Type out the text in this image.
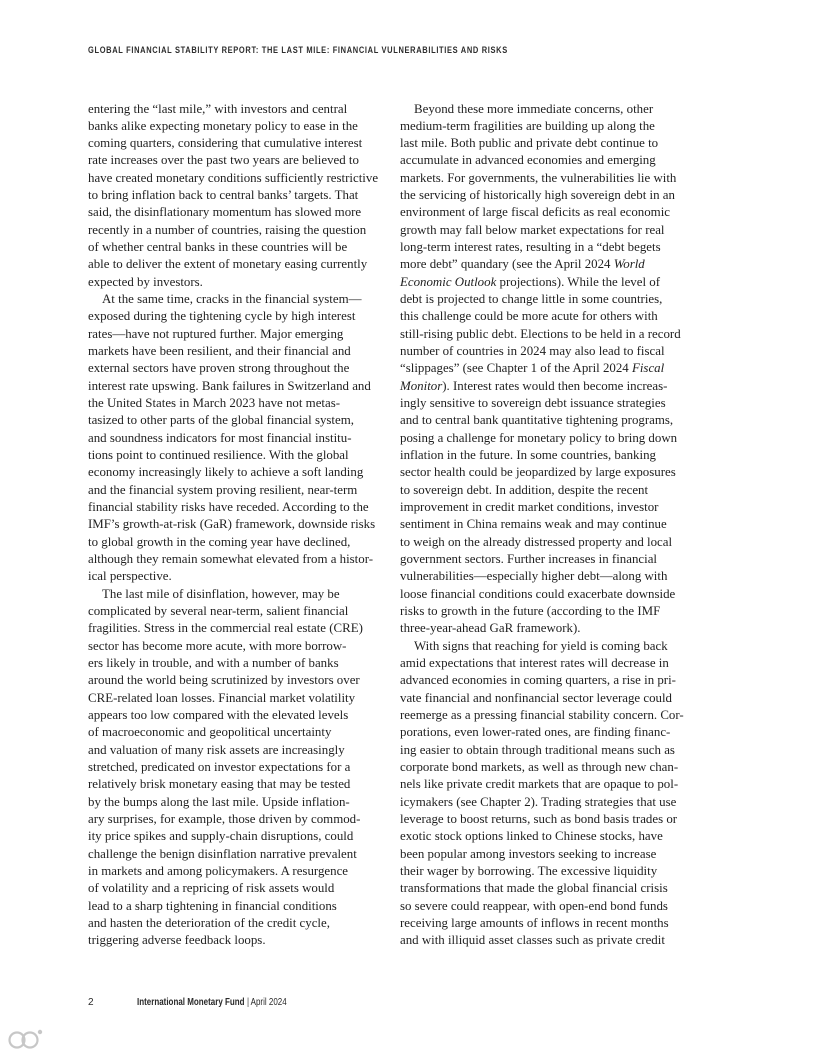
GLOBAL FINANCIAL STABILITY REPORT: THE LAST MILE: FINANCIAL VULNERABILITIES AND RISKS
entering the “last mile,” with investors and central
banks alike expecting monetary policy to ease in the
coming quarters, considering that cumulative interest
rate increases over the past two years are believed to
have created monetary conditions sufficiently restrictive
to bring inflation back to central banks’ targets. That
said, the disinflationary momentum has slowed more
recently in a number of countries, raising the question
of whether central banks in these countries will be
able to deliver the extent of monetary easing currently
expected by investors.
At the same time, cracks in the financial system—
exposed during the tightening cycle by high interest
rates—have not ruptured further. Major emerging
markets have been resilient, and their financial and
external sectors have proven strong throughout the
interest rate upswing. Bank failures in Switzerland and
the United States in March 2023 have not metas-
tasized to other parts of the global financial system,
and soundness indicators for most financial institu-
tions point to continued resilience. With the global
economy increasingly likely to achieve a soft landing
and the financial system proving resilient, near-term
financial stability risks have receded. According to the
IMF’s growth-at-risk (GaR) framework, downside risks
to global growth in the coming year have declined,
although they remain somewhat elevated from a histor-
ical perspective.
The last mile of disinflation, however, may be
complicated by several near-term, salient financial
fragilities. Stress in the commercial real estate (CRE)
sector has become more acute, with more borrow-
ers likely in trouble, and with a number of banks
around the world being scrutinized by investors over
CRE-related loan losses. Financial market volatility
appears too low compared with the elevated levels
of macroeconomic and geopolitical uncertainty
and valuation of many risk assets are increasingly
stretched, predicated on investor expectations for a
relatively brisk monetary easing that may be tested
by the bumps along the last mile. Upside inflation-
ary surprises, for example, those driven by commod-
ity price spikes and supply-chain disruptions, could
challenge the benign disinflation narrative prevalent
in markets and among policymakers. A resurgence
of volatility and a repricing of risk assets would
lead to a sharp tightening in financial conditions
and hasten the deterioration of the credit cycle,
triggering adverse feedback loops.
Beyond these more immediate concerns, other
medium-term fragilities are building up along the
last mile. Both public and private debt continue to
accumulate in advanced economies and emerging
markets. For governments, the vulnerabilities lie with
the servicing of historically high sovereign debt in an
environment of large fiscal deficits as real economic
growth may fall below market expectations for real
long-term interest rates, resulting in a “debt begets
more debt” quandary (see the April 2024 World
Economic Outlook projections). While the level of
debt is projected to change little in some countries,
this challenge could be more acute for others with
still-rising public debt. Elections to be held in a record
number of countries in 2024 may also lead to fiscal
“slippages” (see Chapter 1 of the April 2024 Fiscal
Monitor). Interest rates would then become increas-
ingly sensitive to sovereign debt issuance strategies
and to central bank quantitative tightening programs,
posing a challenge for monetary policy to bring down
inflation in the future. In some countries, banking
sector health could be jeopardized by large exposures
to sovereign debt. In addition, despite the recent
improvement in credit market conditions, investor
sentiment in China remains weak and may continue
to weigh on the already distressed property and local
government sectors. Further increases in financial
vulnerabilities—especially higher debt—along with
loose financial conditions could exacerbate downside
risks to growth in the future (according to the IMF
three-year-ahead GaR framework).
With signs that reaching for yield is coming back
amid expectations that interest rates will decrease in
advanced economies in coming quarters, a rise in pri-
vate financial and nonfinancial sector leverage could
reemerge as a pressing financial stability concern. Cor-
porations, even lower-rated ones, are finding financ-
ing easier to obtain through traditional means such as
corporate bond markets, as well as through new chan-
nels like private credit markets that are opaque to pol-
icymakers (see Chapter 2). Trading strategies that use
leverage to boost returns, such as bond basis trades or
exotic stock options linked to Chinese stocks, have
been popular among investors seeking to increase
their wager by borrowing. The excessive liquidity
transformations that made the global financial crisis
so severe could reappear, with open-end bond funds
receiving large amounts of inflows in recent months
and with illiquid asset classes such as private credit
2	International Monetary Fund | April 2024
